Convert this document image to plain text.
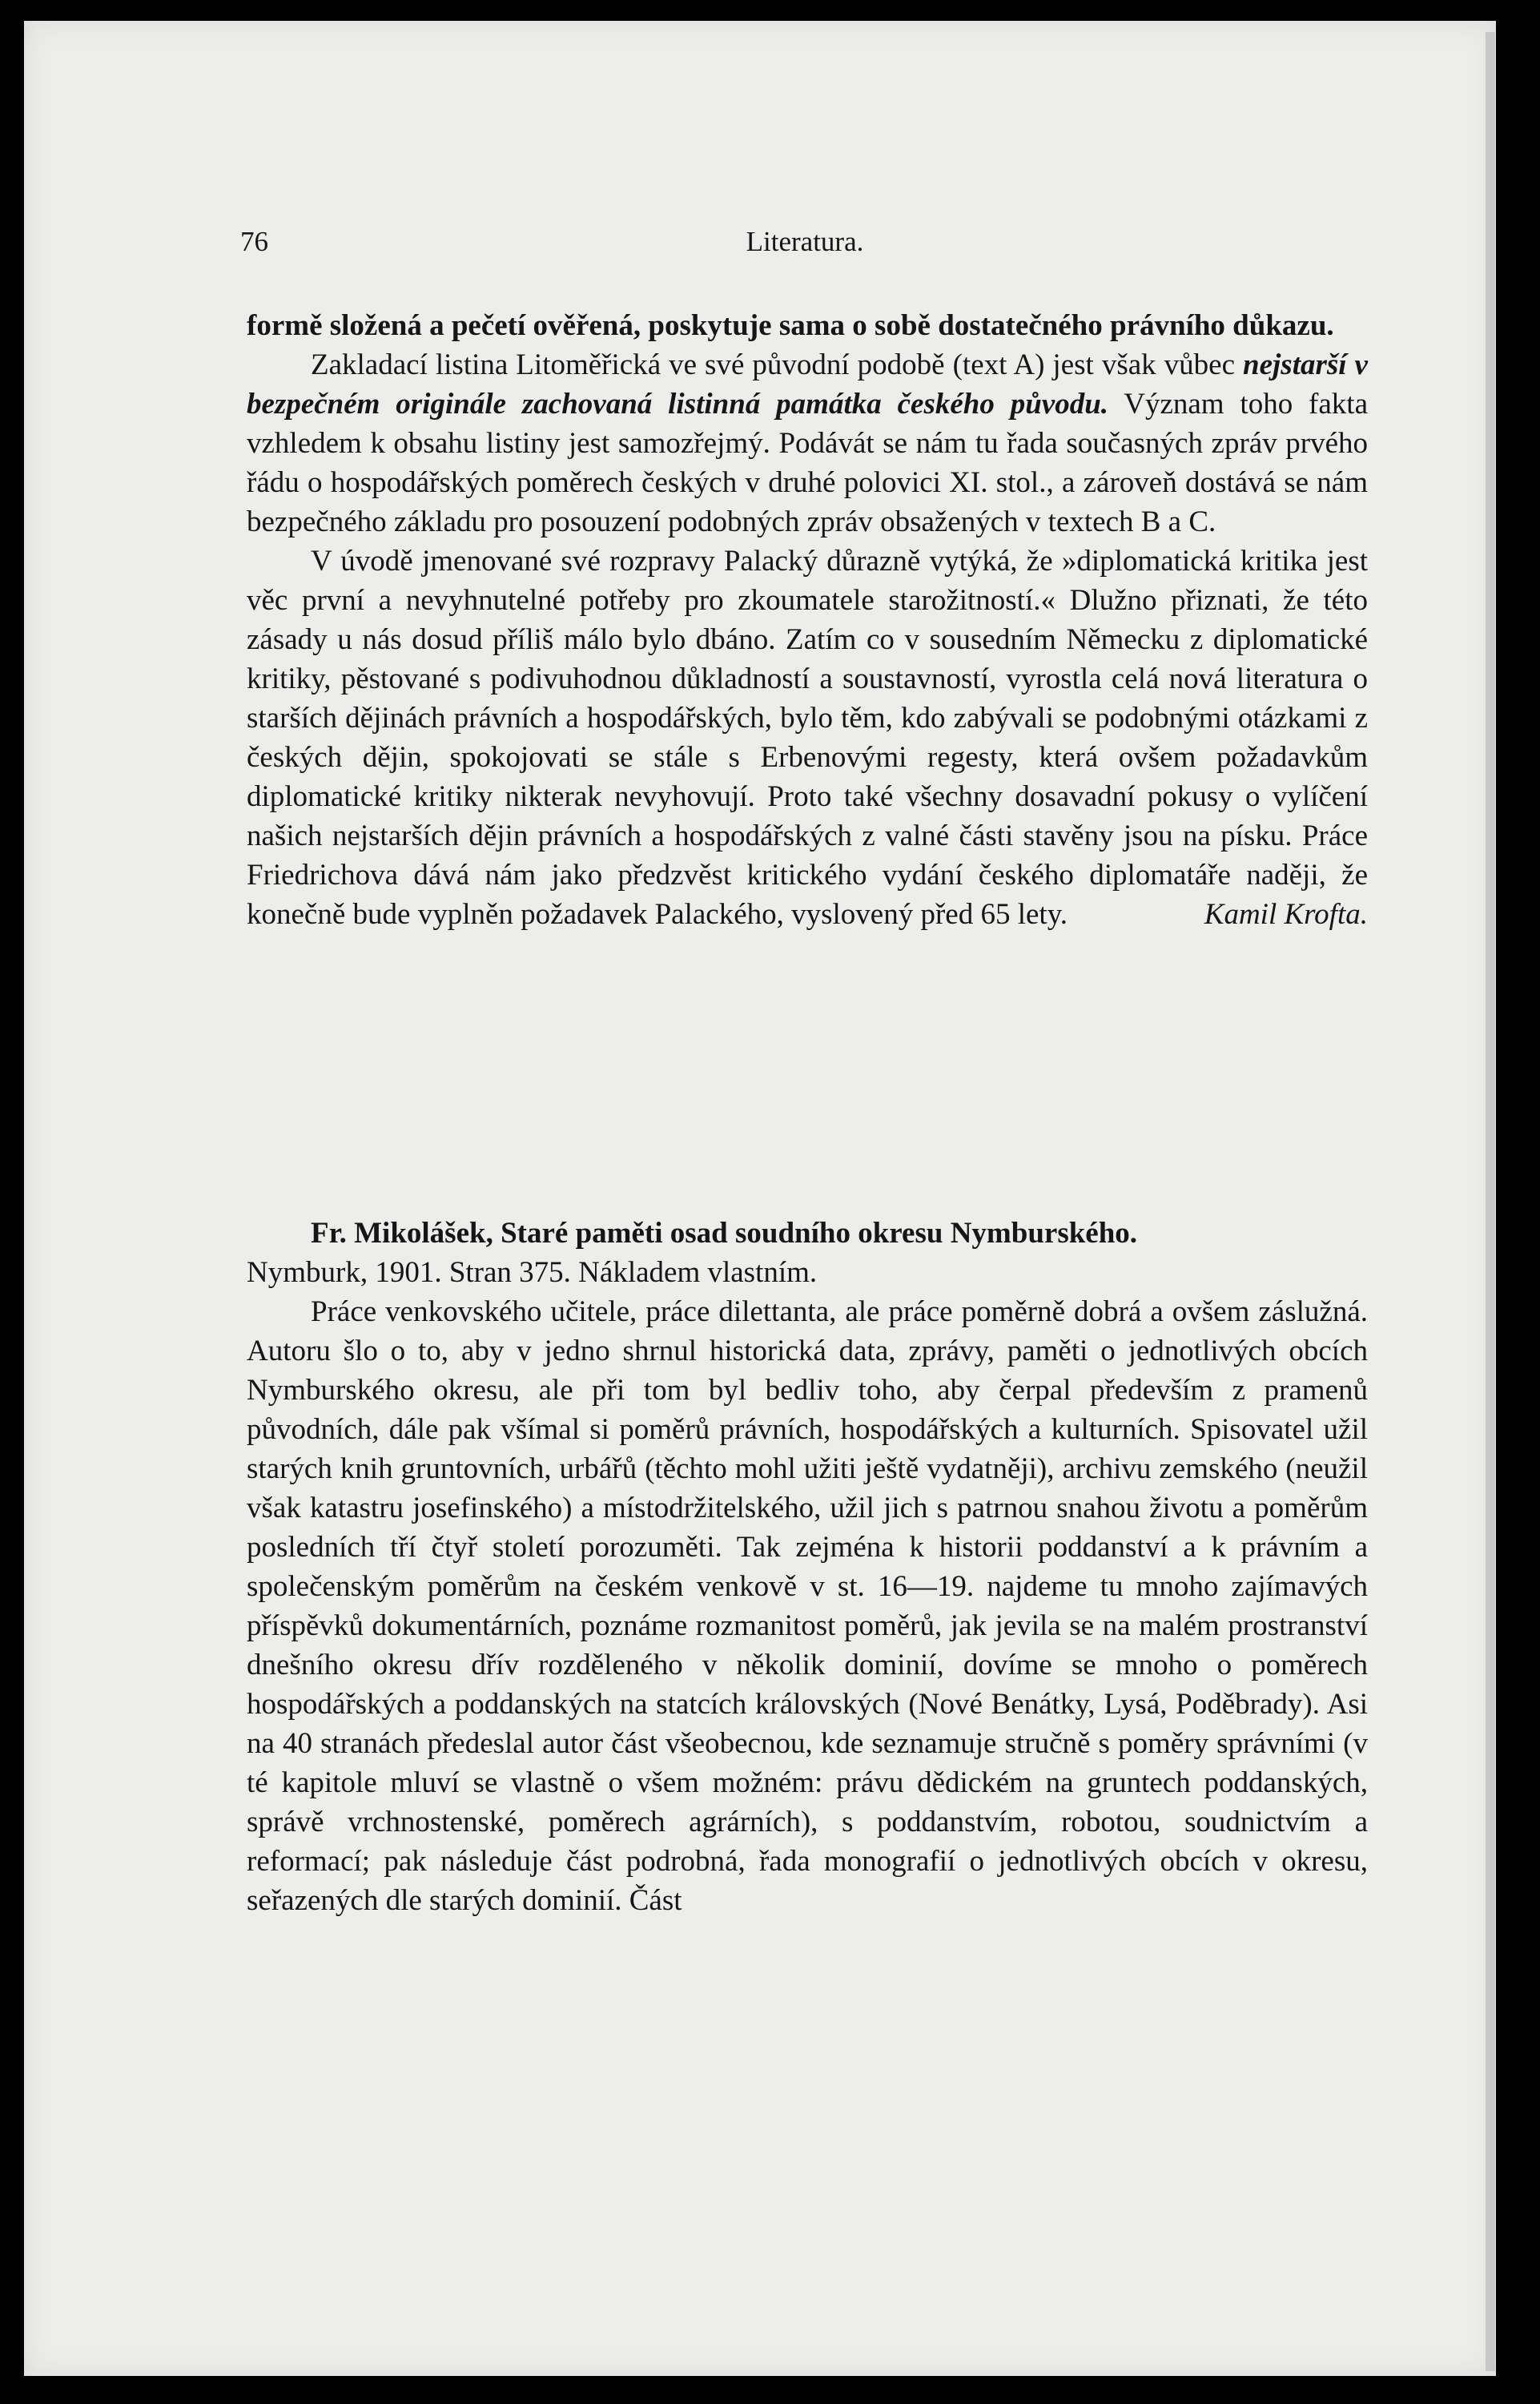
76	Literatura.

formě složená a pečetí ověřená, poskytuje sama o sobě dostatečného právního důkazu.

Zakladací listina Litoměřická ve své původní podobě (text A) jest však vůbec nejstarší v bezpečném originále zachovaná listinná památka českého původu. Význam toho fakta vzhledem k obsahu listiny jest samozřejmý. Podávát se nám tu řada současných zpráv prvého řádu o hospodářských poměrech českých v druhé polovici XI. stol., a zároveň dostává se nám bezpečného základu pro posouzení podobných zpráv obsažených v textech B a C.

V úvodě jmenované své rozpravy Palacký důrazně vytýká, že »diplomatická kritika jest věc první a nevyhnutelné potřeby pro zkoumatele starožitností.« Dlužno přiznati, že této zásady u nás dosud příliš málo bylo dbáno. Zatím co v sousedním Německu z diplomatické kritiky, pěstované s podivuhodnou důkladností a soustavností, vyrostla celá nová literatura o starších dějinách právních a hospodářských, bylo těm, kdo zabývali se podobnými otázkami z českých dějin, spokojovati se stále s Erbenovými regesty, která ovšem požadavkům diplomatické kritiky nikterak nevyhovují. Proto také všechny dosavadní pokusy o vylíčení našich nejstarších dějin právních a hospodářských z valné části stavěny jsou na písku. Práce Friedrichova dává nám jako předzvěst kritického vydání českého diplomatáře naději, že konečně bude vyplněn požadavek Palackého, vyslovený před 65 lety.	Kamil Krofta.

Fr. Mikolášek, Staré paměti osad soudního okresu Nymburského.

Nymburk, 1901. Stran 375. Nákladem vlastním.

Práce venkovského učitele, práce dilettanta, ale práce poměrně dobrá a ovšem záslužná. Autoru šlo o to, aby v jedno shrnul historická data, zprávy, paměti o jednotlivých obcích Nymburského okresu, ale při tom byl bedliv toho, aby čerpal především z pramenů původních, dále pak všímal si poměrů právních, hospodářských a kulturních. Spisovatel užil starých knih gruntovních, urbářů (těchto mohl užiti ještě vydatněji), archivu zemského (neužil však katastru josefinského) a místodržitelského, užil jich s patrnou snahou životu a poměrům posledních tří čtyř století porozuměti. Tak zejména k historii poddanství a k právním a společenským poměrům na českém venkově v st. 16—19. najdeme tu mnoho zajímavých příspěvků dokumentárních, poznáme rozmanitost poměrů, jak jevila se na malém prostranství dnešního okresu dřív rozděleného v několik dominií, dovíme se mnoho o poměrech hospodářských a poddanských na statcích královských (Nové Benátky, Lysá, Poděbrady). Asi na 40 stranách předeslal autor část všeobecnou, kde seznamuje stručně s poměry správními (v té kapitole mluví se vlastně o všem možném: právu dědickém na gruntech poddanských, správě vrchnostenské, poměrech agrárních), s poddanstvím, robotou, soudnictvím a reformací; pak následuje část podrobná, řada monografií o jednotlivých obcích v okresu, seřazených dle starých dominií. Část
